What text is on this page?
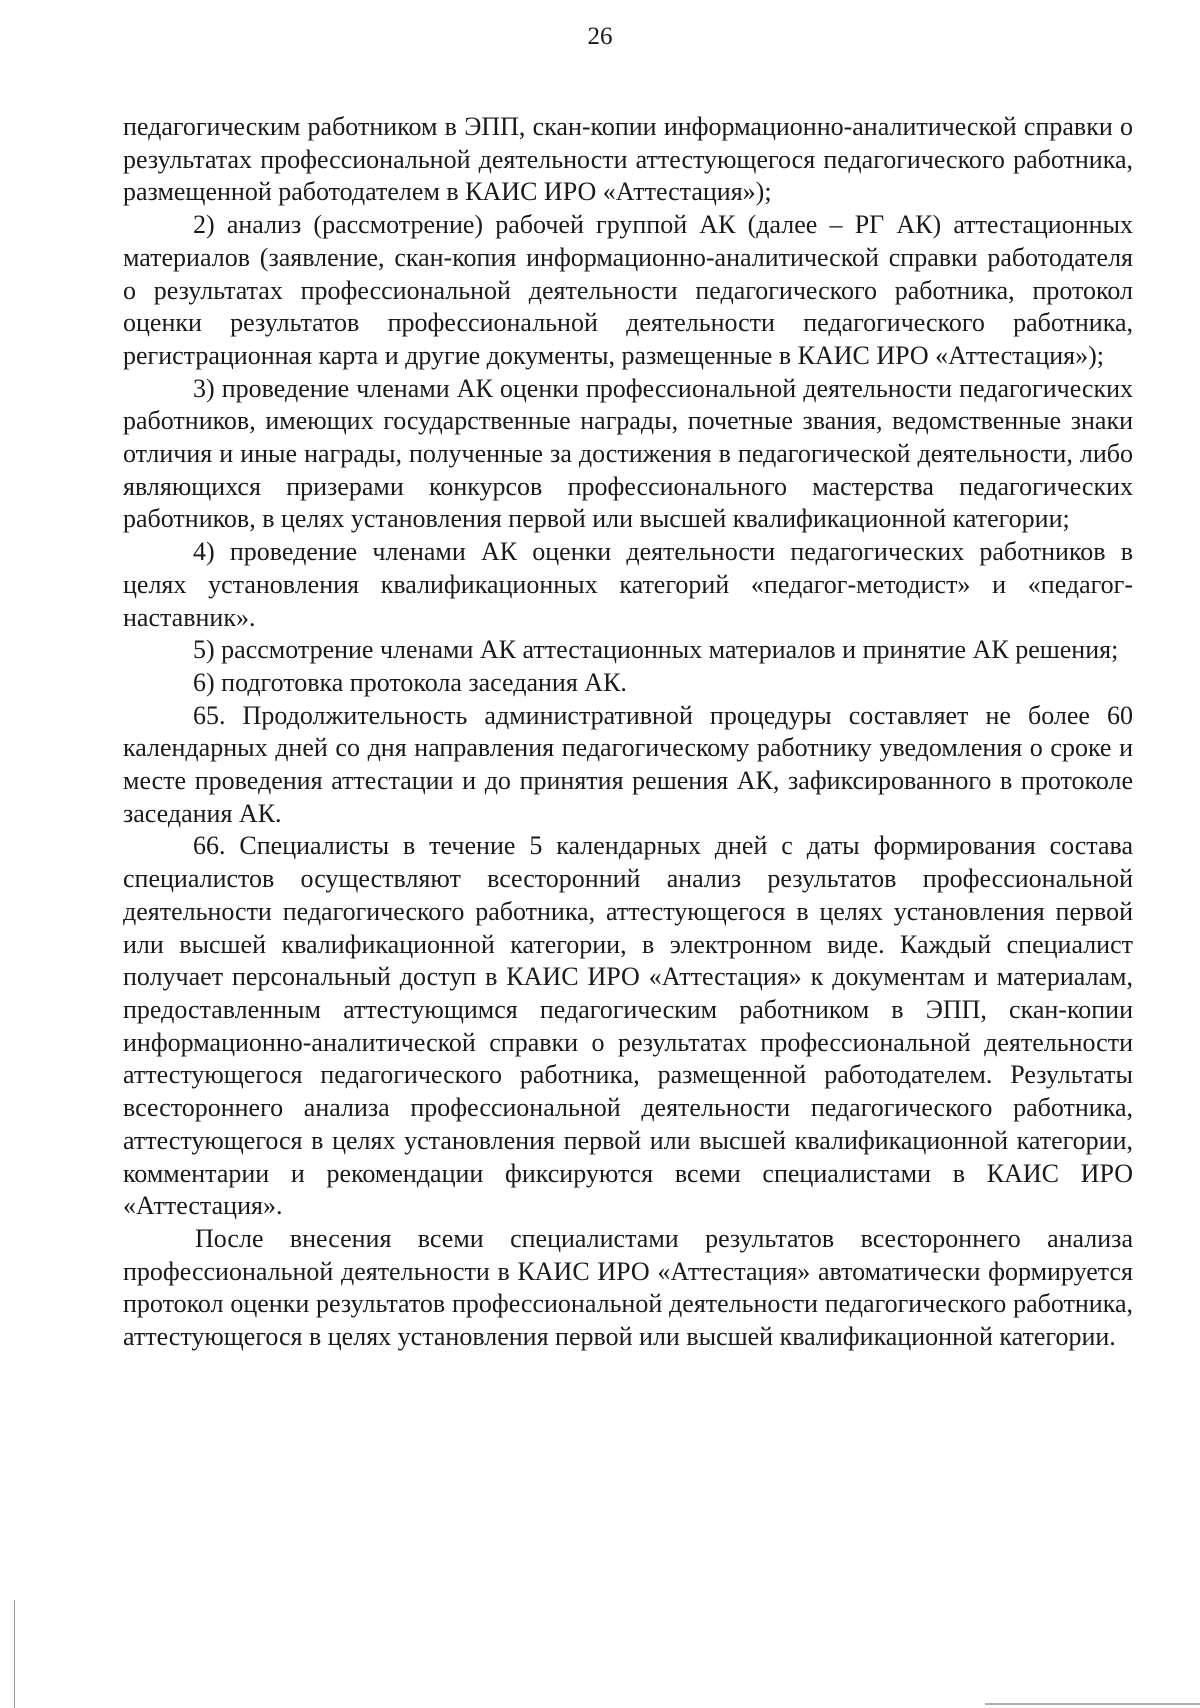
26

педагогическим работником в ЭПП, скан-копии информационно-аналитической справки о результатах профессиональной деятельности аттестующегося педагогического работника, размещенной работодателем в КАИС ИРО «Аттестация»);

2) анализ (рассмотрение) рабочей группой АК (далее – РГ АК) аттестационных материалов (заявление, скан-копия информационно-аналитической справки работодателя о результатах профессиональной деятельности педагогического работника, протокол оценки результатов профессиональной деятельности педагогического работника, регистрационная карта и другие документы, размещенные в КАИС ИРО «Аттестация»);

3) проведение членами АК оценки профессиональной деятельности педагогических работников, имеющих государственные награды, почетные звания, ведомственные знаки отличия и иные награды, полученные за достижения в педагогической деятельности, либо являющихся призерами конкурсов профессионального мастерства педагогических работников, в целях установления первой или высшей квалификационной категории;

4) проведение членами АК оценки деятельности педагогических работников в целях установления квалификационных категорий «педагог-методист» и «педагог-наставник».

5) рассмотрение членами АК аттестационных материалов и принятие АК решения;

6) подготовка протокола заседания АК.

65. Продолжительность административной процедуры составляет не более 60 календарных дней со дня направления педагогическому работнику уведомления о сроке и месте проведения аттестации и до принятия решения АК, зафиксированного в протоколе заседания АК.

66. Специалисты в течение 5 календарных дней с даты формирования состава специалистов осуществляют всесторонний анализ результатов профессиональной деятельности педагогического работника, аттестующегося в целях установления первой или высшей квалификационной категории, в электронном виде. Каждый специалист получает персональный доступ в КАИС ИРО «Аттестация» к документам и материалам, предоставленным аттестующимся педагогическим работником в ЭПП, скан-копии информационно-аналитической справки о результатах профессиональной деятельности аттестующегося педагогического работника, размещенной работодателем. Результаты всестороннего анализа профессиональной деятельности педагогического работника, аттестующегося в целях установления первой или высшей квалификационной категории, комментарии и рекомендации фиксируются всеми специалистами в КАИС ИРО «Аттестация».

После внесения всеми специалистами результатов всестороннего анализа профессиональной деятельности в КАИС ИРО «Аттестация» автоматически формируется протокол оценки результатов профессиональной деятельности педагогического работника, аттестующегося в целях установления первой или высшей квалификационной категории.
